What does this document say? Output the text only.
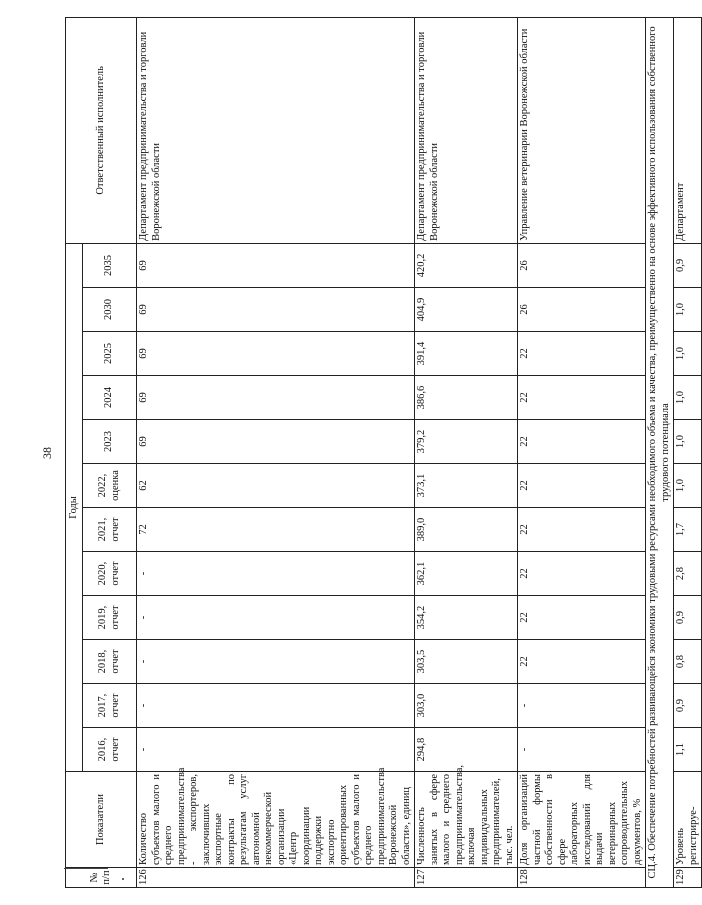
38
№ п/п	Показатели	Годы												Ответственный исполнитель
		2016, отчет	2017, отчет	2018, отчет	2019, отчет	2020, отчет	2021, отчет	2022, оценка	2023	2024	2025	2030	2035	
126	Количество субъектов малого и среднего предпринимательства - экспортеров, заключивших экспортные контракты по результатам услуг автономной некоммерческой организации «Центр координации поддержки экспортно ориентированных субъектов малого и среднего предпринимательства Воронежской области», единиц	-	-	-	-	-	72	62	69	69	69	69	69	Департамент предпринимательства и торговли Воронежской области
127	Численность занятых в сфере малого и среднего предпринимательства, включая индивидуальных предпринимателей, тыс. чел.	294,8	303,0	303,5	354,2	362,1	389,0	373,1	379,2	386,6	391,4	404,9	420,2	Департамент предпринимательства и торговли Воронежской области
128	Доля организаций частной формы собственности в сфере лабораторных исследований для выдачи ветеринарных сопроводительных документов, %	-	-	22	22	22	22	22	22	22	22	26	26	Управление ветеринарии Воронежской области
СЦ.4. Обеспечение потребностей развивающейся экономики трудовыми ресурсами необходимого объема и качества, преимущественно на основе эффективного использования собственного трудового потенциала														
129	Уровень регистрируе-	1,1	0,9	0,8	0,9	2,8	1,7	1,0	1,0	1,0	1,0	1,0	0,9	Департамент
